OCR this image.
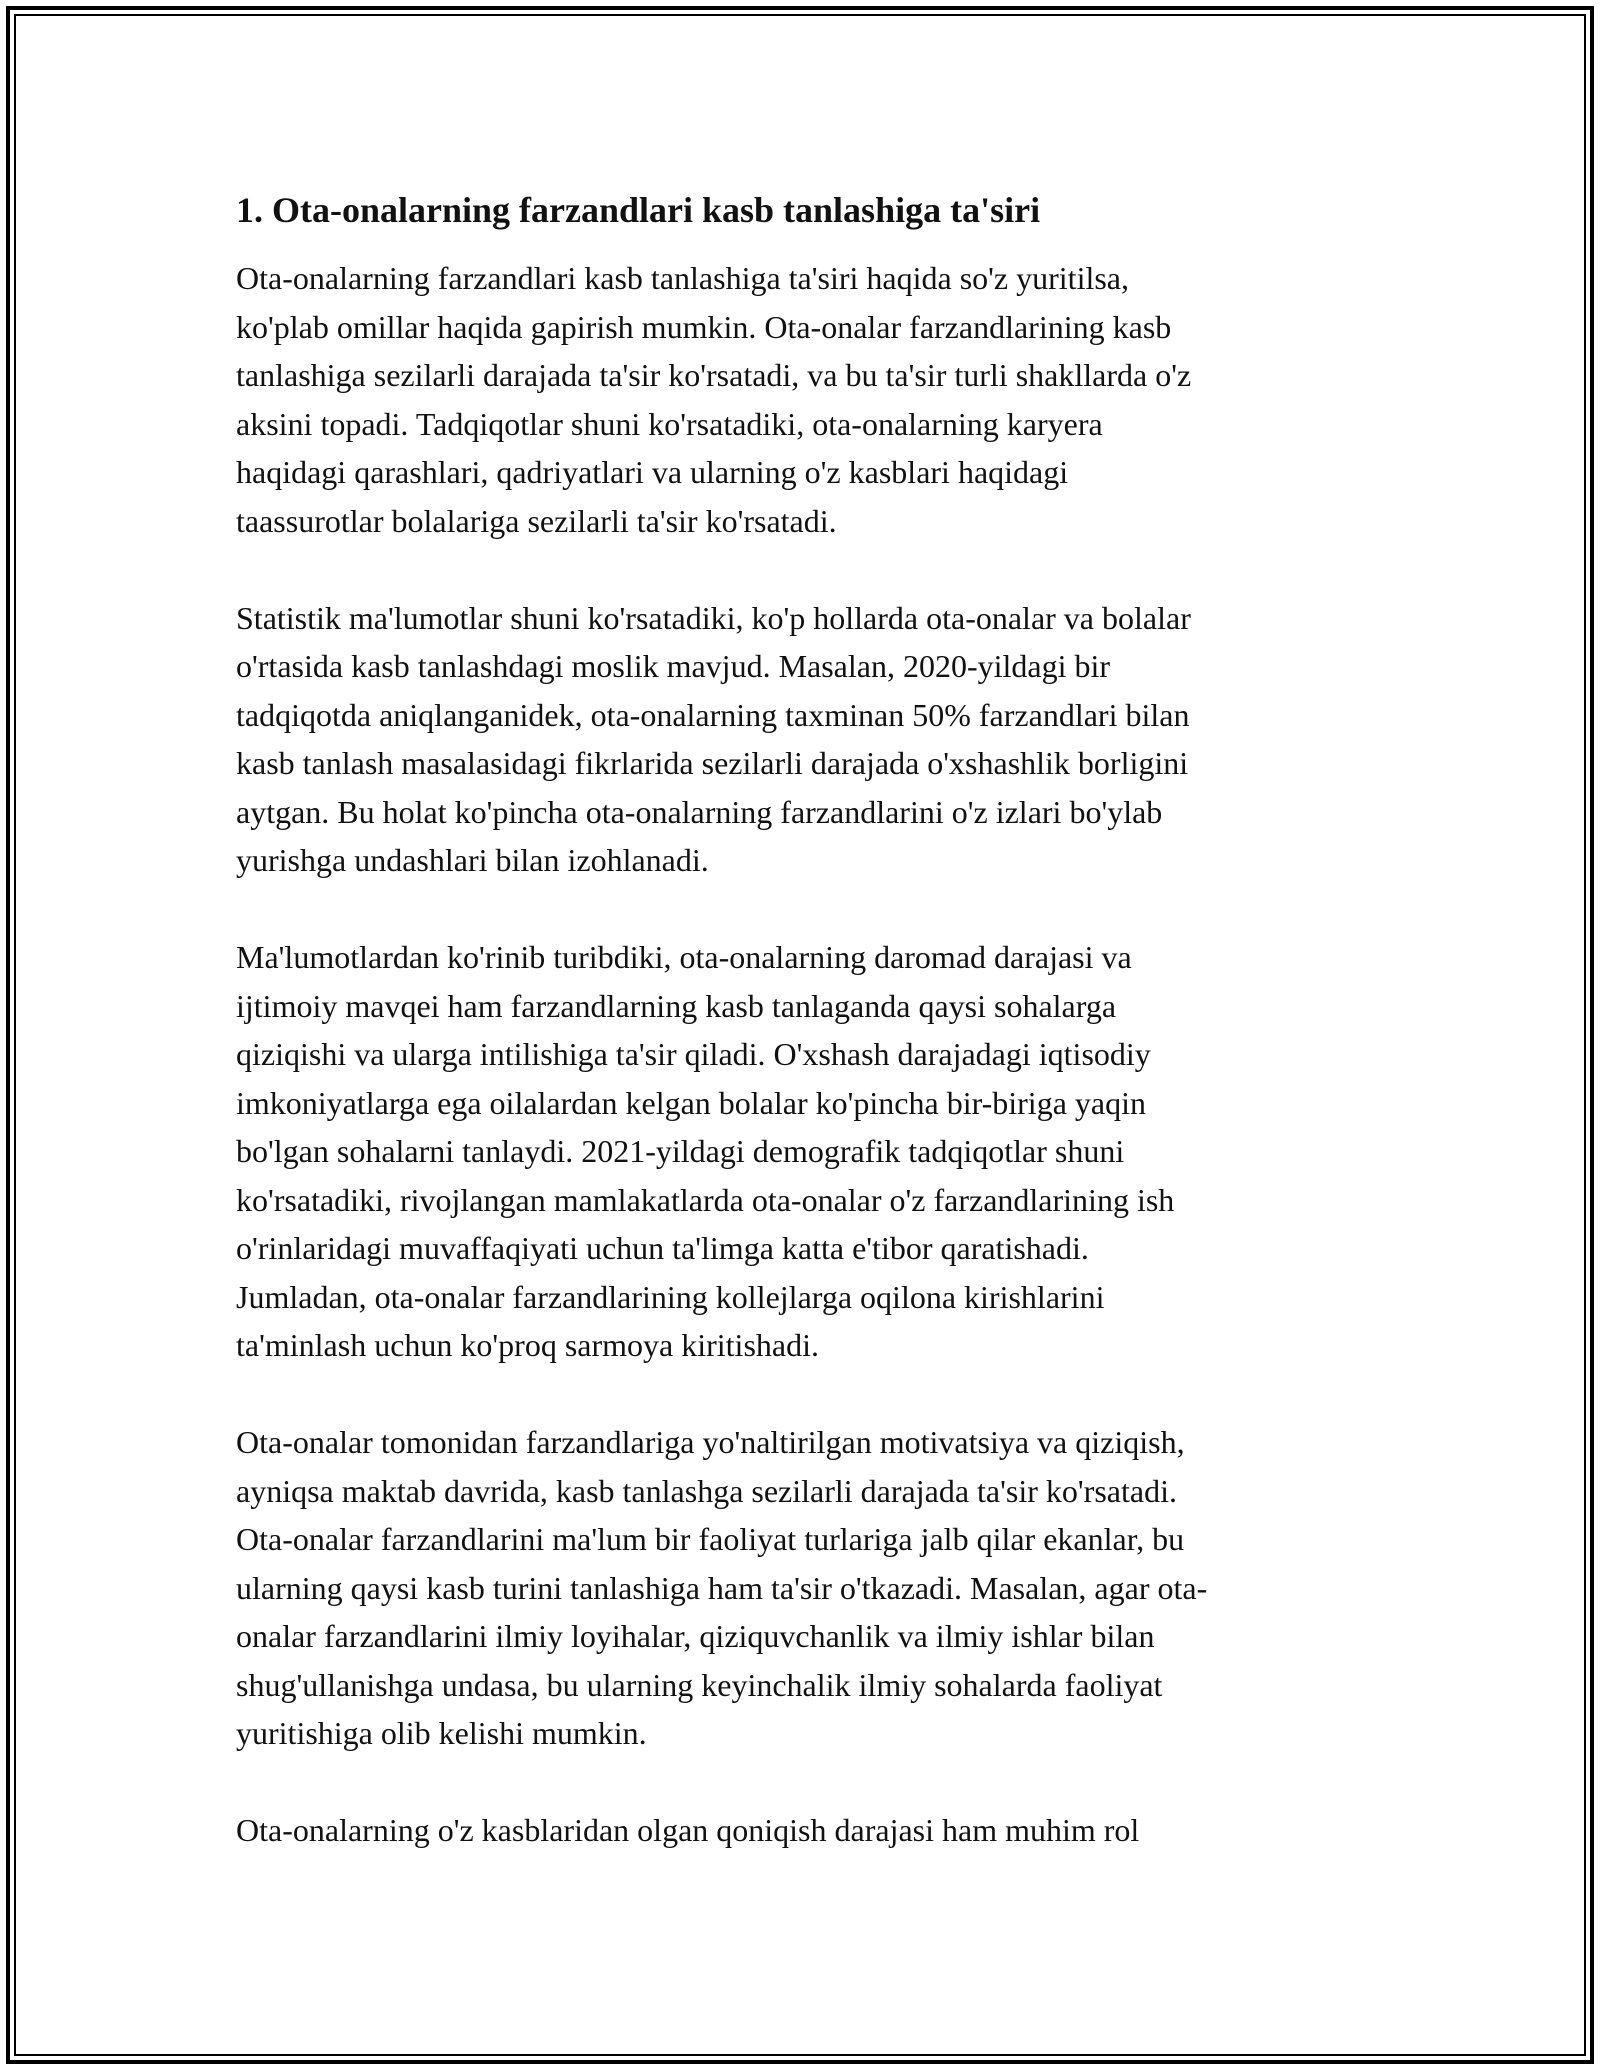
1. Ota-onalarning farzandlari kasb tanlashiga ta'siri
Ota-onalarning farzandlari kasb tanlashiga ta'siri haqida so'z yuritilsa,
ko'plab omillar haqida gapirish mumkin. Ota-onalar farzandlarining kasb
tanlashiga sezilarli darajada ta'sir ko'rsatadi, va bu ta'sir turli shakllarda o'z
aksini topadi. Tadqiqotlar shuni ko'rsatadiki, ota-onalarning karyera
haqidagi qarashlari, qadriyatlari va ularning o'z kasblari haqidagi
taassurotlar bolalariga sezilarli ta'sir ko'rsatadi.
Statistik ma'lumotlar shuni ko'rsatadiki, ko'p hollarda ota-onalar va bolalar
o'rtasida kasb tanlashdagi moslik mavjud. Masalan, 2020-yildagi bir
tadqiqotda aniqlanganidek, ota-onalarning taxminan 50% farzandlari bilan
kasb tanlash masalasidagi fikrlarida sezilarli darajada o'xshashlik borligini
aytgan. Bu holat ko'pincha ota-onalarning farzandlarini o'z izlari bo'ylab
yurishga undashlari bilan izohlanadi.
Ma'lumotlardan ko'rinib turibdiki, ota-onalarning daromad darajasi va
ijtimoiy mavqei ham farzandlarning kasb tanlaganda qaysi sohalarga
qiziqishi va ularga intilishiga ta'sir qiladi. O'xshash darajadagi iqtisodiy
imkoniyatlarga ega oilalardan kelgan bolalar ko'pincha bir-biriga yaqin
bo'lgan sohalarni tanlaydi. 2021-yildagi demografik tadqiqotlar shuni
ko'rsatadiki, rivojlangan mamlakatlarda ota-onalar o'z farzandlarining ish
o'rinlaridagi muvaffaqiyati uchun ta'limga katta e'tibor qaratishadi.
Jumladan, ota-onalar farzandlarining kollejlarga oqilona kirishlarini
ta'minlash uchun ko'proq sarmoya kiritishadi.
Ota-onalar tomonidan farzandlariga yo'naltirilgan motivatsiya va qiziqish,
ayniqsa maktab davrida, kasb tanlashga sezilarli darajada ta'sir ko'rsatadi.
Ota-onalar farzandlarini ma'lum bir faoliyat turlariga jalb qilar ekanlar, bu
ularning qaysi kasb turini tanlashiga ham ta'sir o'tkazadi. Masalan, agar ota-
onalar farzandlarini ilmiy loyihalar, qiziquvchanlik va ilmiy ishlar bilan
shug'ullanishga undasa, bu ularning keyinchalik ilmiy sohalarda faoliyat
yuritishiga olib kelishi mumkin.
Ota-onalarning o'z kasblaridan olgan qoniqish darajasi ham muhim rol
